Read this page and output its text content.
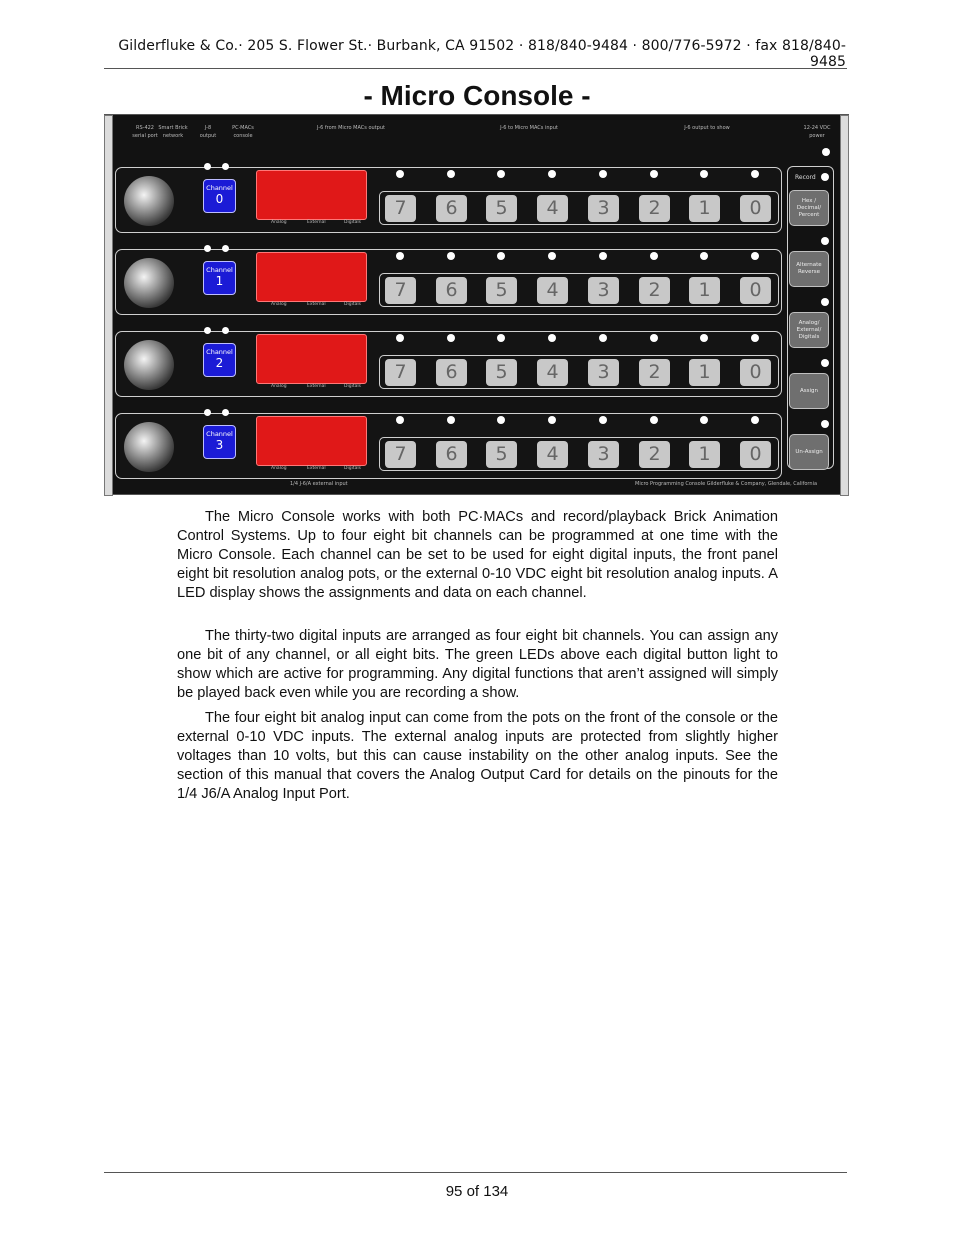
Gilderfluke & Co.· 205 S. Flower St.· Burbank, CA 91502 · 818/840-9484 · 800/776-5972 · fax 818/840-9485
- Micro Console -
RS-422
serial port
Smart Brick
network
J-8
output
PC·MACs
console
J-6 from Micro MACs output	J-6 to Micro MACs input	J-6 output to show	12-24 VDC
power
Record
1/4 J-6/A external input	Micro Programming Console Gilderfluke & Company, Glendale, California
Channel
0
Analog	External	Digitals
7	6	5	4	3	2	1	0
Channel
1
Analog	External	Digitals
7	6	5	4	3	2	1	0
Channel
2
Analog	External	Digitals
7	6	5	4	3	2	1	0
Channel
3
Analog	External	Digitals
7	6	5	4	3	2	1	0
Hex /
Decimal/
Percent
Alternate
Reverse
Analog/
External/
Digitals
Assign
Un-Assign

The Micro Console works with both PC·MACs and record/playback Brick Animation Control Systems. Up to four eight bit channels can be programmed at one time with the Micro Console. Each channel can be set to be used for eight digital inputs, the front panel eight bit resolution analog pots, or the external 0-10 VDC eight bit resolution analog inputs. A LED display shows the assignments and data on each channel.

The thirty-two digital inputs are arranged as four eight bit channels. You can assign any one bit of any channel, or all eight bits. The green LEDs above each digital button light to show which are active for programming. Any digital functions that aren’t assigned will simply be played back even while you are recording a show.

The four eight bit analog input can come from the pots on the front of the console or the external 0-10 VDC inputs. The external analog inputs are protected from slightly higher voltages than 10 volts, but this can cause instability on the other analog inputs. See the section of this manual that covers the Analog Output Card for details on the pinouts for the 1/4 J6/A Analog Input Port.

95 of 134
